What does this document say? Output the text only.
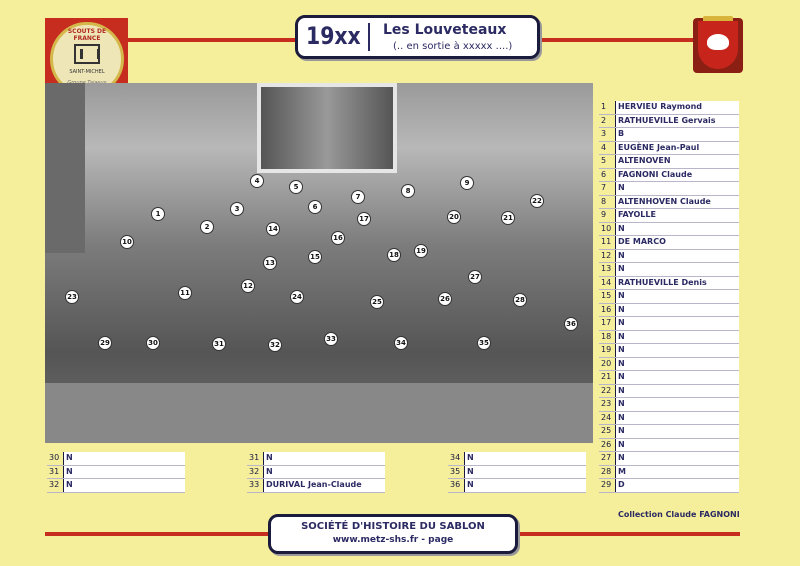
SCOUTS DE FRANCE
SAINT-MICHEL
19xx Les Louveteaux
(.. en sortie à xxxxx ....)
1
2
3
4
5
6
7
8
9
10
11
12
13
14
15
16
17
18	19
20	21
22
23	24
25	26
27
28
29	30	31	32
33	34	35
36
1	HERVIEU Raymond
2	RATHUEVILLE Gervais
3	B
4	EUGÈNE Jean-Paul
5	ALTENOVEN
6	FAGNONI Claude
7	N
8	ALTENHOVEN Claude
9	FAYOLLE
10 N
11 DE MARCO
12 N
13 N
14 RATHUEVILLE Denis
15 N
16 N
17 N
18 N
19 N
20 N
21 N
22 N
23 N
24 N
25 N
26 N
27 N
28 M
29 D
30 N
31 N
32 N
31 N
32 N
33 DURIVAL Jean-Claude
34 N
35 N
36 N
Collection Claude FAGNONI
SOCIÉTÉ D'HISTOIRE DU SABLON
www.metz-shs.fr - page
